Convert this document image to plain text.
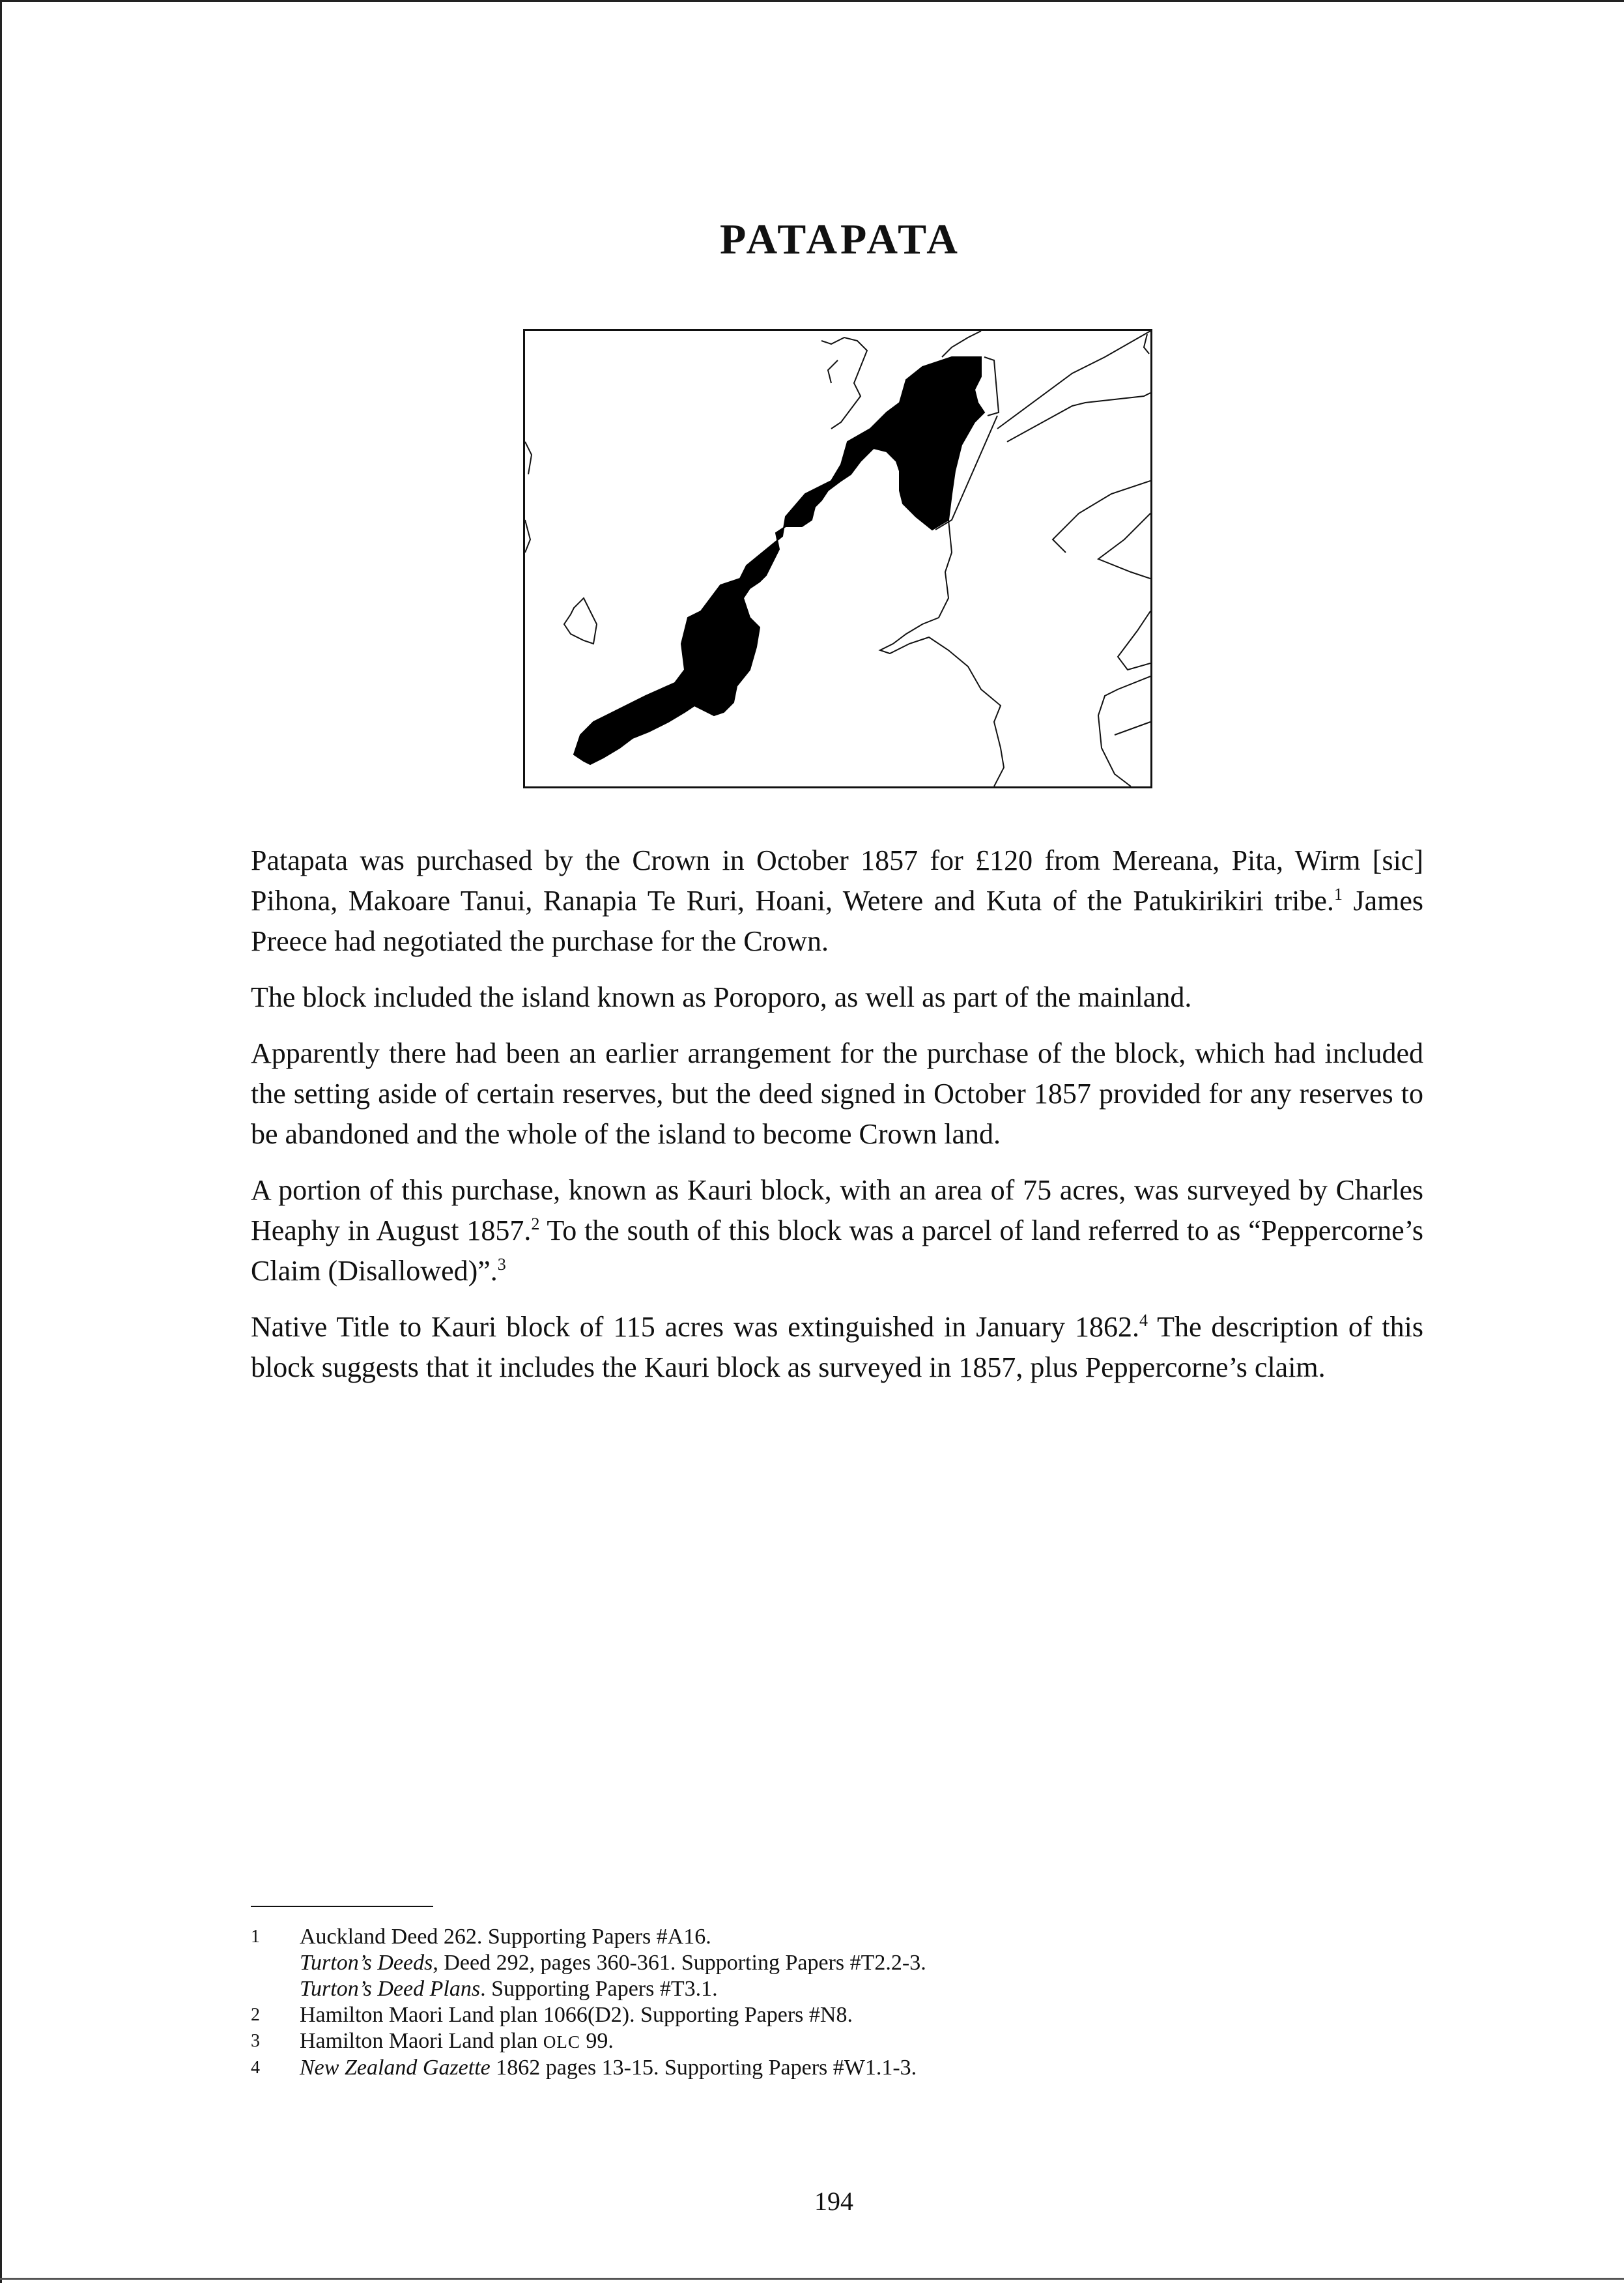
PATAPATA

Patapata was purchased by the Crown in October 1857 for £120 from Mereana, Pita, Wirm [sic] Pihona, Makoare Tanui, Ranapia Te Ruri, Hoani, Wetere and Kuta of the Patukirikiri tribe.$^1$ James Preece had negotiated the purchase for the Crown.

The block included the island known as Poroporo, as well as part of the mainland.

Apparently there had been an earlier arrangement for the purchase of the block, which had included the setting aside of certain reserves, but the deed signed in October 1857 provided for any reserves to be abandoned and the whole of the island to become Crown land.

A portion of this purchase, known as Kauri block, with an area of 75 acres, was surveyed by Charles Heaphy in August 1857.$^2$ To the south of this block was a parcel of land referred to as “Peppercorne’s Claim (Disallowed)”.$^3$

Native Title to Kauri block of 115 acres was extinguished in January 1862.$^4$ The description of this block suggests that it includes the Kauri block as surveyed in 1857, plus Peppercorne’s claim.

1	Auckland Deed 262. Supporting Papers #A16.
Turton’s Deeds, Deed 292, pages 360-361. Supporting Papers #T2.2-3.
Turton’s Deed Plans. Supporting Papers #T3.1.
2	Hamilton Maori Land plan 1066(D2). Supporting Papers #N8.
3	Hamilton Maori Land plan OLC 99.
4	New Zealand Gazette 1862 pages 13-15. Supporting Papers #W1.1-3.
194
